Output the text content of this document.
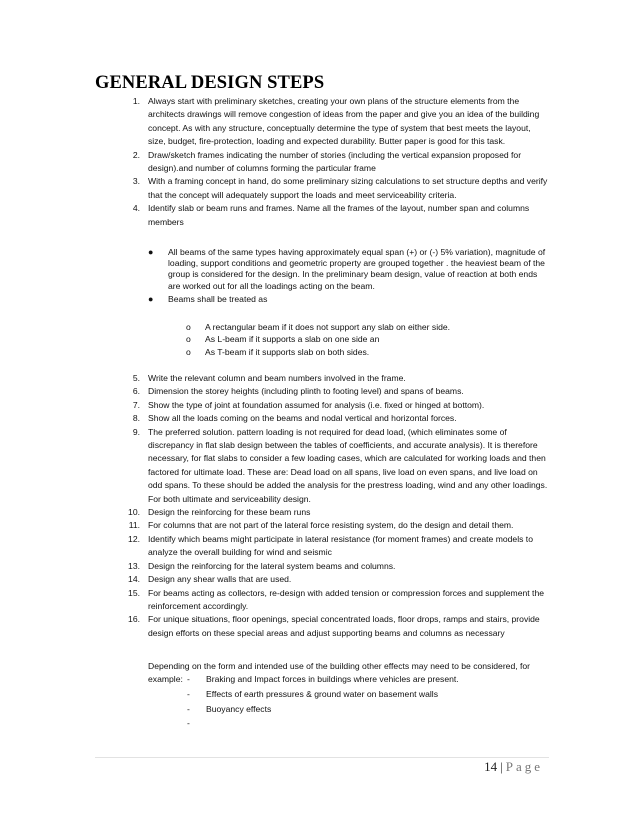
GENERAL DESIGN STEPS
1. Always start with preliminary sketches, creating your own plans of the structure elements from the architects drawings will remove congestion of ideas from the paper and give you an idea of the building concept. As with any structure, conceptually determine the type of system that best meets the layout, size, budget, fire-protection, loading and expected durability. Butter paper is good for this task.
2. Draw/sketch frames indicating the number of stories (including the vertical expansion proposed for design).and number of columns forming the particular frame
3. With a framing concept in hand, do some preliminary sizing calculations to set structure depths and verify that the concept will adequately support the loads and meet serviceability criteria.
4. Identify slab or beam runs and frames. Name all the frames of the layout, number span and columns members
● All beams of the same types having approximately equal span (+) or (-) 5% variation), magnitude of loading, support conditions and geometric property are grouped together . the heaviest beam of the group is considered for the design. In the preliminary beam design, value of reaction at both ends are worked out for all the loadings acting on the beam.
● Beams shall be treated as
o A rectangular beam if it does not support any slab on either side.
o As L-beam if it supports a slab on one side an
o As T-beam if it supports slab on both sides.
5. Write the relevant column and beam numbers involved in the frame.
6. Dimension the storey heights (including plinth to footing level) and spans of beams.
7. Show the type of joint at foundation assumed for analysis (i.e. fixed or hinged at bottom).
8. Show all the loads coming on the beams and nodal vertical and horizontal forces.
9. The preferred solution. pattern loading is not required for dead load, (which eliminates some of discrepancy in flat slab design between the tables of coefficients, and accurate analysis). It is therefore necessary, for flat slabs to consider a few loading cases, which are calculated for working loads and then factored for ultimate load. These are: Dead load on all spans, live load on even spans, and live load on odd spans. To these should be added the analysis for the prestress loading, wind and any other loadings. For both ultimate and serviceability design.
10. Design the reinforcing for these beam runs
11. For columns that are not part of the lateral force resisting system, do the design and detail them.
12. Identify which beams might participate in lateral resistance (for moment frames) and create models to analyze the overall building for wind and seismic
13. Design the reinforcing for the lateral system beams and columns.
14. Design any shear walls that are used.
15. For beams acting as collectors, re-design with added tension or compression forces and supplement the reinforcement accordingly.
16. For unique situations, floor openings, special concentrated loads, floor drops, ramps and stairs, provide design efforts on these special areas and adjust supporting beams and columns as necessary
Depending on the form and intended use of the building other effects may need to be considered, for example: - Braking and Impact forces in buildings where vehicles are present.
- Effects of earth pressures & ground water on basement walls
- Buoyancy effects
-
14 | Page
